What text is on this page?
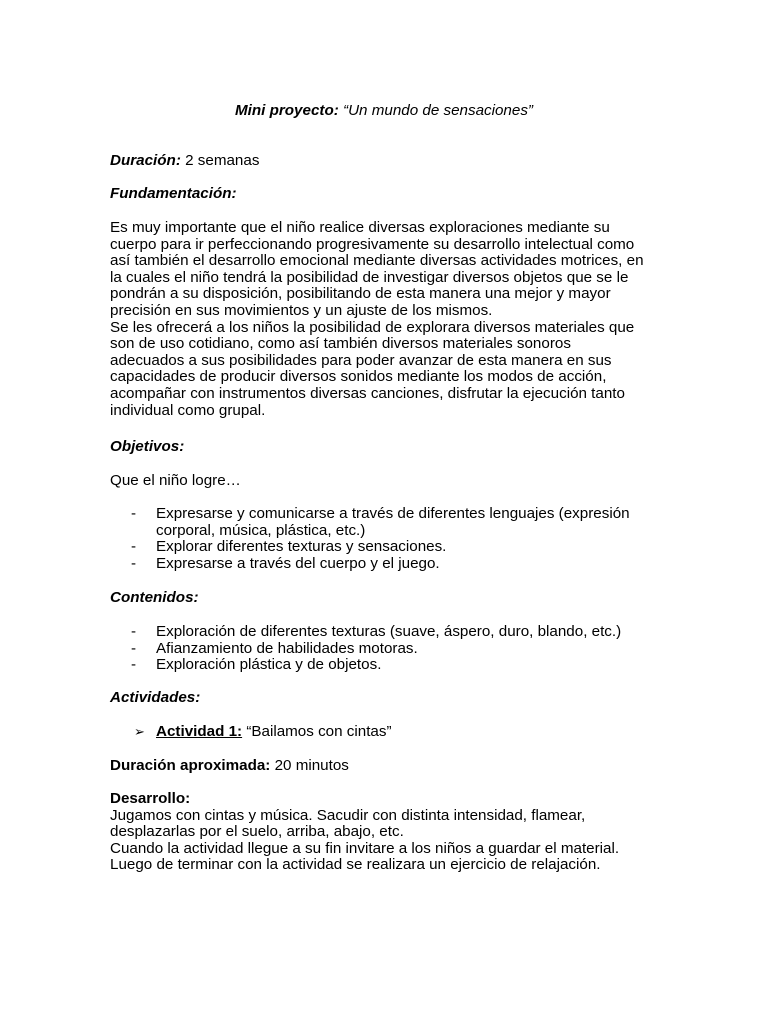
Mini proyecto: “Un mundo de sensaciones”

Duración: 2 semanas

Fundamentación:

Es muy importante que el niño realice diversas exploraciones mediante su
cuerpo para ir perfeccionando progresivamente su desarrollo intelectual como
así también el desarrollo emocional mediante diversas actividades motrices, en
la cuales el niño tendrá la posibilidad de investigar diversos objetos que se le
pondrán a su disposición, posibilitando de esta manera una mejor y mayor
precisión en sus movimientos y un ajuste de los mismos.
Se les ofrecerá a los niños la posibilidad de explorara diversos materiales que
son de uso cotidiano, como así también diversos materiales sonoros
adecuados a sus posibilidades para poder avanzar de esta manera en sus
capacidades de producir diversos sonidos mediante los modos de acción,
acompañar con instrumentos diversas canciones, disfrutar la ejecución tanto
individual como grupal.

Objetivos:

Que el niño logre…

- Expresarse y comunicarse a través de diferentes lenguajes (expresión
corporal, música, plástica, etc.)
- Explorar diferentes texturas y sensaciones.
- Expresarse a través del cuerpo y el juego.

Contenidos:

- Exploración de diferentes texturas (suave, áspero, duro, blando, etc.)
- Afianzamiento de habilidades motoras.
- Exploración plástica y de objetos.

Actividades:

➢ Actividad 1: “Bailamos con cintas”

Duración aproximada: 20 minutos

Desarrollo:
Jugamos con cintas y música. Sacudir con distinta intensidad, flamear,
desplazarlas por el suelo, arriba, abajo, etc.
Cuando la actividad llegue a su fin invitare a los niños a guardar el material.
Luego de terminar con la actividad se realizara un ejercicio de relajación.
